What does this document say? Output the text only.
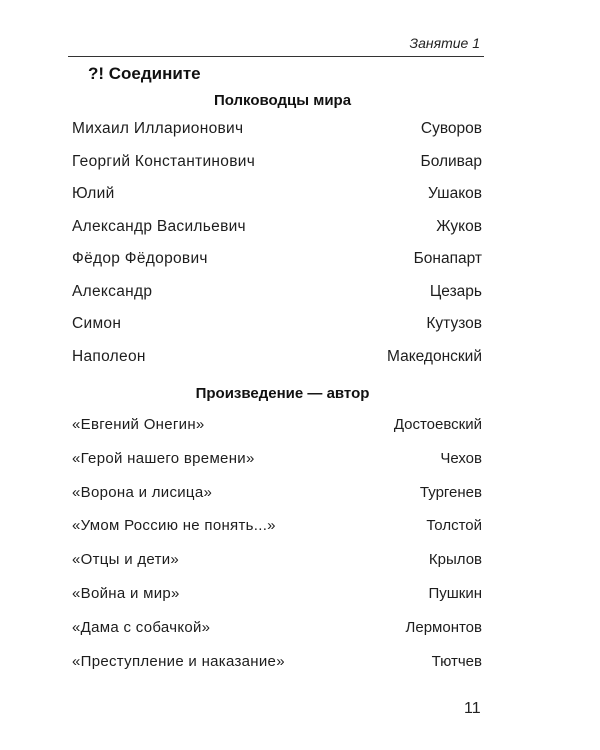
Занятие 1
?! Соедините
Полководцы мира
Михаил Илларионович	Суворов
Георгий Константинович	Боливар
Юлий	Ушаков
Александр Васильевич	Жуков
Фёдор Фёдорович	Бонапарт
Александр	Цезарь
Симон	Кутузов
Наполеон	Македонский
Произведение — автор
«Евгений Онегин»	Достоевский
«Герой нашего времени»	Чехов
«Ворона и лисица»	Тургенев
«Умом Россию не понять...»	Толстой
«Отцы и дети»	Крылов
«Война и мир»	Пушкин
«Дама с собачкой»	Лермонтов
«Преступление и наказание»	Тютчев
11
